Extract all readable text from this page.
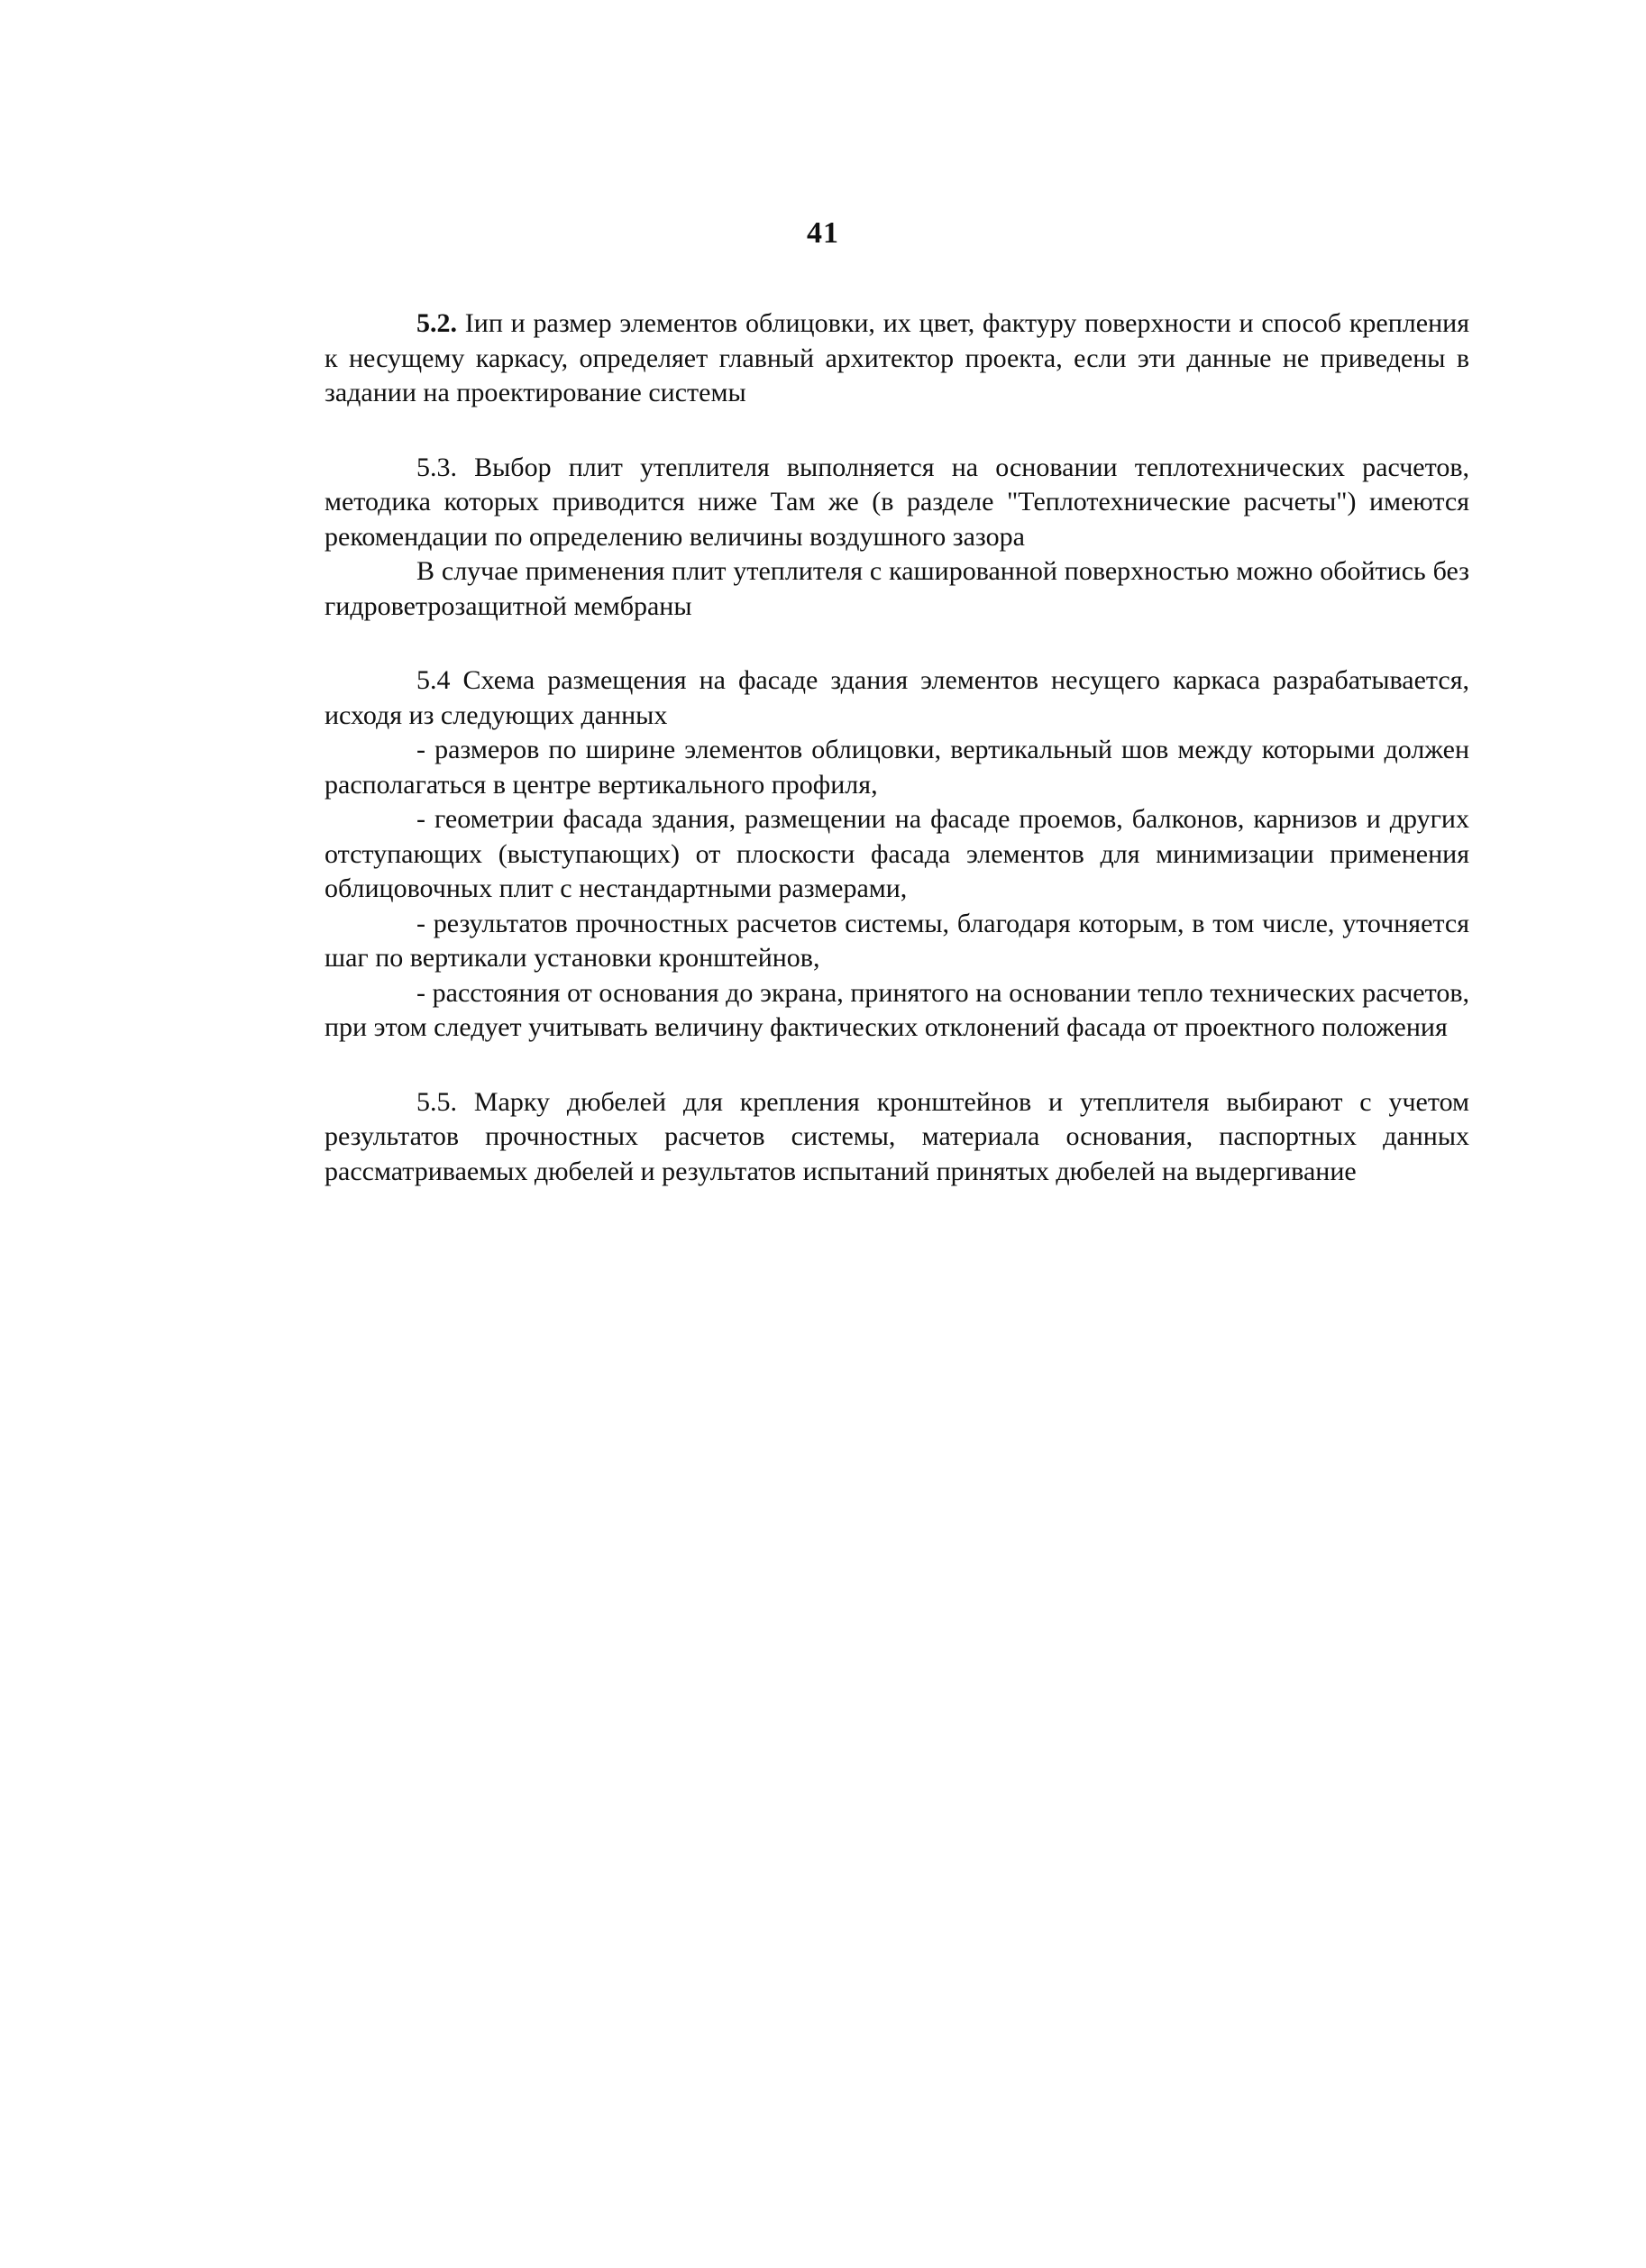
41

5.2. Іип и размер элементов облицовки, их цвет, фактуру поверхности и способ крепления к несущему каркасу, определяет главный архитектор проекта, если эти данные не приведены в задании на проектирование системы

5.3. Выбор плит утеплителя выполняется на основании теплотехнических расчетов, методика которых приводится ниже Там же (в разделе "Теплотехнические расчеты") имеются рекомендации по определению величины воздушного зазора

В случае применения плит утеплителя с кашированной поверхностью можно обойтись без гидроветрозащитной мембраны

5.4 Схема размещения на фасаде здания элементов несущего каркаса разрабатывается, исходя из следующих данных

- размеров по ширине элементов облицовки, вертикальный шов между которыми должен располагаться в центре вертикального профиля,

- геометрии фасада здания, размещении на фасаде проемов, балконов, карнизов и других отступающих (выступающих) от плоскости фасада элементов для минимизации применения облицовочных плит с нестандартными размерами,

- результатов прочностных расчетов системы, благодаря которым, в том числе, уточняется шаг по вертикали установки кронштейнов,

- расстояния от основания до экрана, принятого на основании тепло технических расчетов, при этом следует учитывать величину фактических отклонений фасада от проектного положения

5.5. Марку дюбелей для крепления кронштейнов и утеплителя выбирают с учетом результатов прочностных расчетов системы, материала основания, паспортных данных рассматриваемых дюбелей и результатов испытаний принятых дюбелей на выдергивание
